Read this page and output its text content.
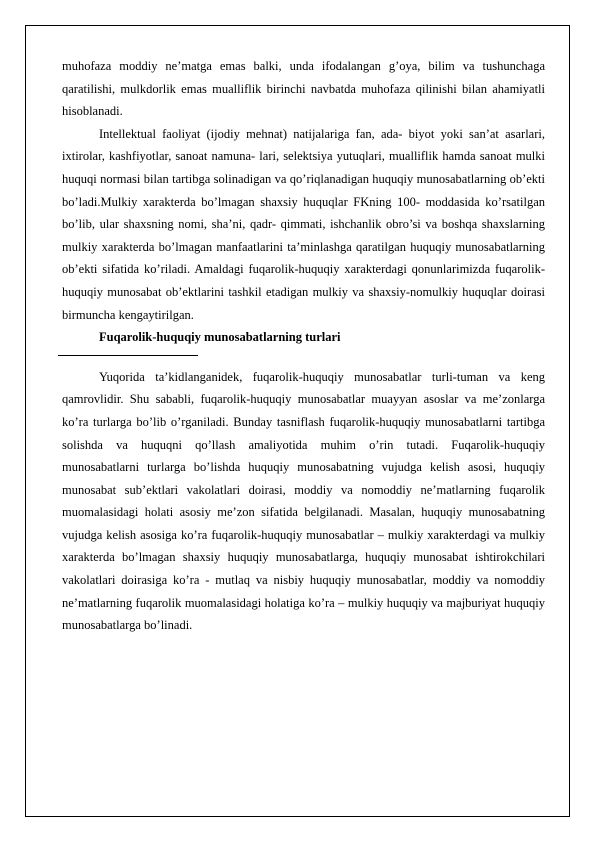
muhofaza moddiy ne’matga emas balki, unda ifodalangan g’oya, bilim va tushunchaga qaratilishi, mulkdorlik emas mualliflik birinchi navbatda muhofaza qilinishi bilan ahamiyatli hisoblanadi.

Intellektual faoliyat (ijodiy mehnat) natijalariga fan, ada- biyot yoki san’at asarlari, ixtirolar, kashfiyotlar, sanoat namuna- lari, selektsiya yutuqlari, mualliflik hamda sanoat mulki huquqi normasi bilan tartibga solinadigan va qo’riqlanadigan huquqiy munosabatlarning ob’ekti bo’ladi.Mulkiy xarakterda bo’lmagan shaxsiy huquqlar FKning 100- moddasida ko’rsatilgan bo’lib, ular shaxsning nomi, sha’ni, qadr- qimmati, ishchanlik obro’si va boshqa shaxslarning mulkiy xarakterda bo’lmagan manfaatlarini ta’minlashga qaratilgan huquqiy munosabatlarning ob’ekti sifatida ko’riladi. Amaldagi fuqarolik-huquqiy xarakterdagi qonunlarimizda fuqarolik- huquqiy munosabat ob’ektlarini tashkil etadigan mulkiy va shaxsiy-nomulkiy huquqlar doirasi birmuncha kengaytirilgan.

Fuqarolik-huquqiy munosabatlarning turlari

Yuqorida ta’kidlanganidek, fuqarolik-huquqiy munosabatlar turli-tuman va keng qamrovlidir. Shu sababli, fuqarolik-huquqiy munosabatlar muayyan asoslar va me’zonlarga ko’ra turlarga bo’lib o’rganiladi. Bunday tasniflash fuqarolik-huquqiy munosabatlarni tartibga solishda va huquqni qo’llash amaliyotida muhim o’rin tutadi. Fuqarolik-huquqiy munosabatlarni turlarga bo’lishda huquqiy munosabatning vujudga kelish asosi, huquqiy munosabat sub’ektlari vakolatlari doirasi, moddiy va nomoddiy ne’matlarning fuqarolik muomalasidagi holati asosiy me’zon sifatida belgilanadi. Masalan, huquqiy munosabatning vujudga kelish asosiga ko’ra fuqarolik-huquqiy munosabatlar – mulkiy xarakterdagi va mulkiy xarakterda bo’lmagan shaxsiy huquqiy munosabatlarga, huquqiy munosabat ishtirokchilari vakolatlari doirasiga ko’ra - mutlaq va nisbiy huquqiy munosabatlar, moddiy va nomoddiy ne’matlarning fuqarolik muomalasidagi holatiga ko’ra – mulkiy huquqiy va majburiyat huquqiy munosabatlarga bo’linadi.
